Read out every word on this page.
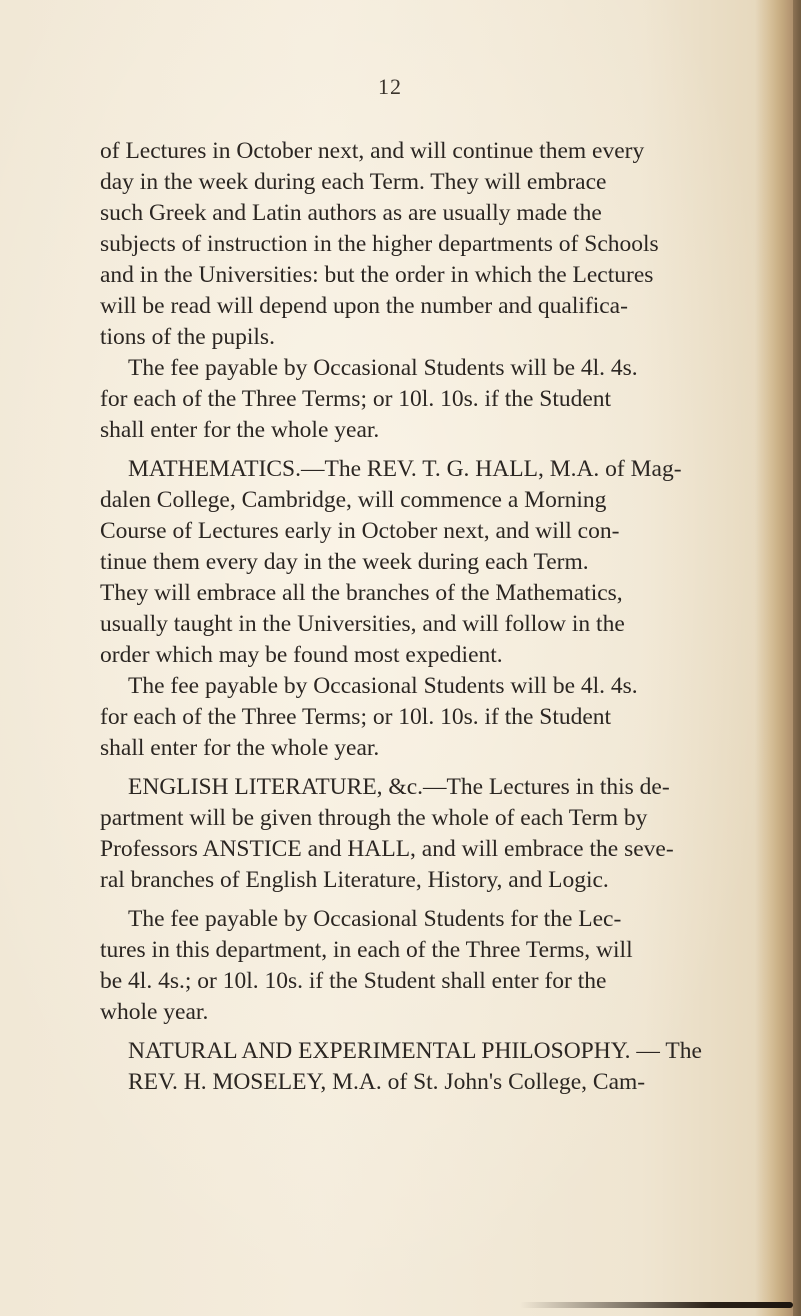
12
of Lectures in October next, and will continue them every
day in the week during each Term. They will embrace
such Greek and Latin authors as are usually made the
subjects of instruction in the higher departments of Schools
and in the Universities: but the order in which the Lectures
will be read will depend upon the number and qualifica-
tions of the pupils.
The fee payable by Occasional Students will be 4l. 4s.
for each of the Three Terms; or 10l. 10s. if the Student
shall enter for the whole year.
MATHEMATICS.—The REV. T. G. HALL, M.A. of Mag-
dalen College, Cambridge, will commence a Morning
Course of Lectures early in October next, and will con-
tinue them every day in the week during each Term.
They will embrace all the branches of the Mathematics,
usually taught in the Universities, and will follow in the
order which may be found most expedient.
The fee payable by Occasional Students will be 4l. 4s.
for each of the Three Terms; or 10l. 10s. if the Student
shall enter for the whole year.
ENGLISH LITERATURE, &c.—The Lectures in this de-
partment will be given through the whole of each Term by
Professors ANSTICE and HALL, and will embrace the seve-
ral branches of English Literature, History, and Logic.
The fee payable by Occasional Students for the Lec-
tures in this department, in each of the Three Terms, will
be 4l. 4s.; or 10l. 10s. if the Student shall enter for the
whole year.
NATURAL AND EXPERIMENTAL PHILOSOPHY. — The
REV. H. MOSELEY, M.A. of St. John's College, Cam-
